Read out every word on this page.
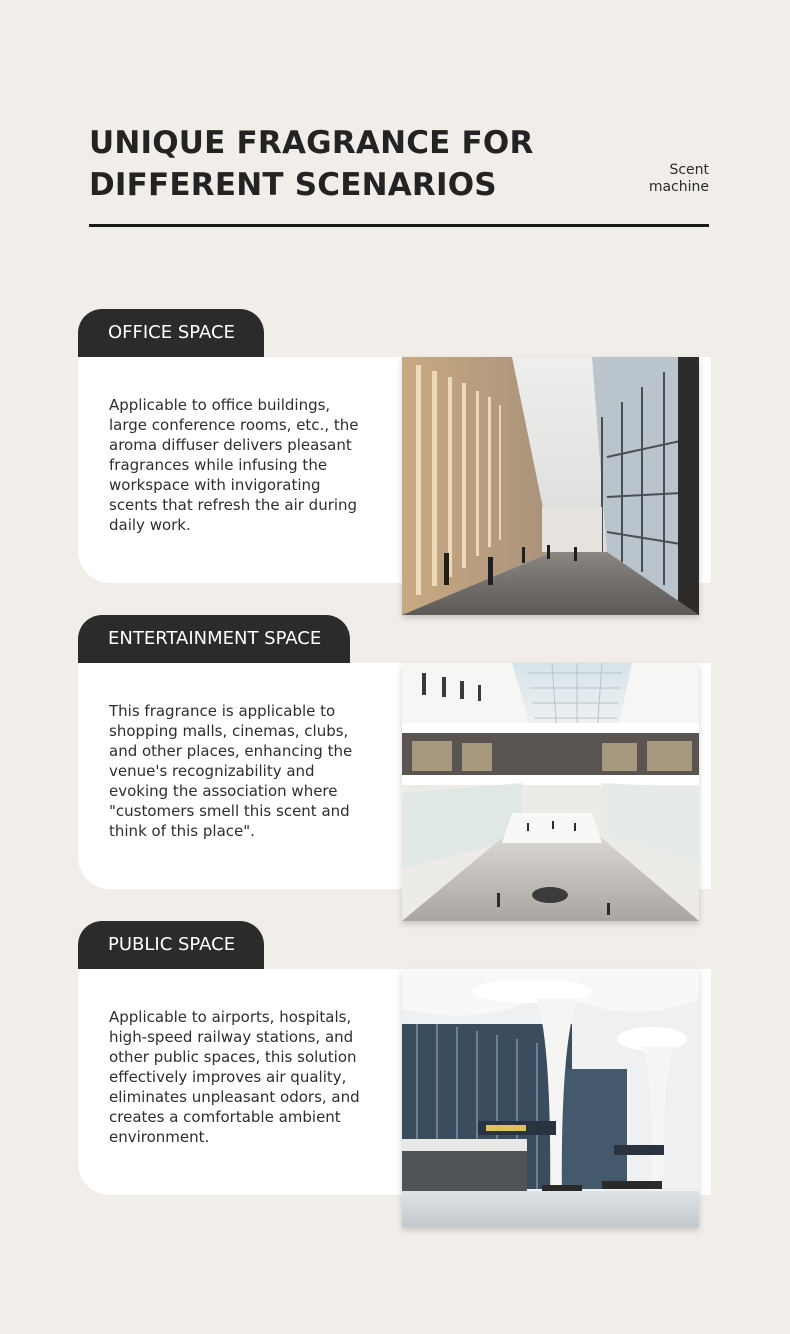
UNIQUE FRAGRANCE FOR
DIFFERENT SCENARIOS	Scent
machine
OFFICE SPACE

Applicable to office buildings, large conference rooms, etc., the aroma diffuser delivers pleasant fragrances while infusing the workspace with invigorating scents that refresh the air during daily work.

ENTERTAINMENT SPACE

This fragrance is applicable to shopping malls, cinemas, clubs, and other places, enhancing the venue's recognizability and evoking the association where "customers smell this scent and think of this place".

PUBLIC SPACE

Applicable to airports, hospitals, high-speed railway stations, and other public spaces, this solution effectively improves air quality, eliminates unpleasant odors, and creates a comfortable ambient environment.
